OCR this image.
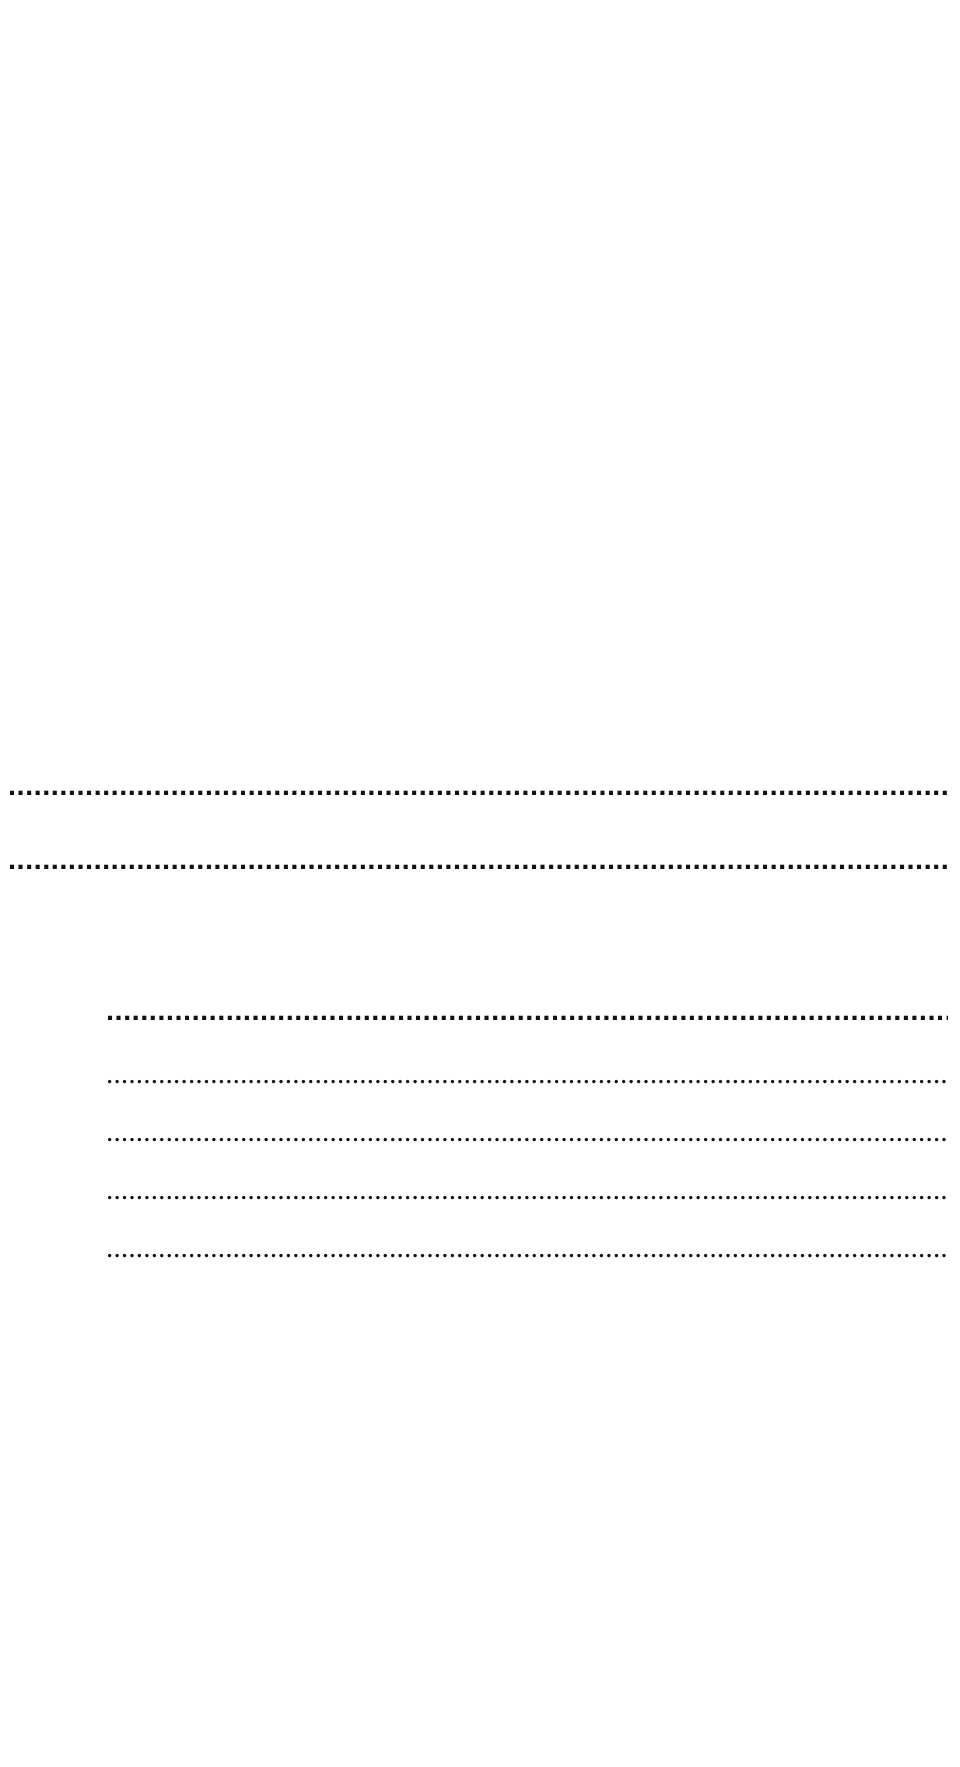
.....
.....
.....
.....
.....
.....
.....
